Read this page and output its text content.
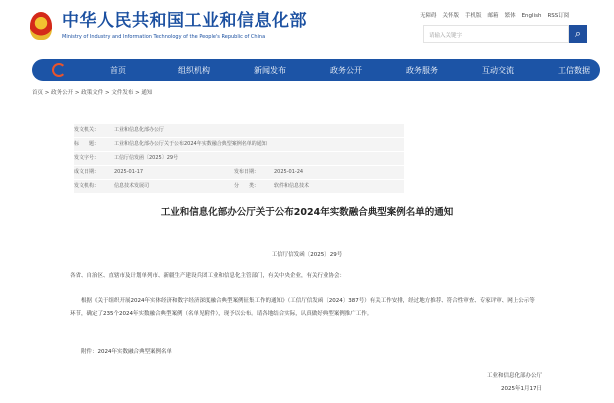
中华人民共和国工业和信息化部
Ministry of Industry and Information Technology of the People's Republic of China
无障碍 关怀版 手机版 邮箱 繁体 English RSS订阅
请输入关键字	⌕
首页	组织机构	新闻发布	政务公开	政务服务	互动交流	工信数据
首页 > 政务公开 > 政策文件 > 文件发布 > 通知
发文机关：	工业和信息化部办公厅
标　　题：	工业和信息化部办公厅关于公布2024年实数融合典型案例名单的通知
发文字号：	工信厅信发函〔2025〕29号
成文日期：	2025-01-17	发布日期：	2025-01-24
发文机构：	信息技术发展司	分　　类：	软件和信息技术
工业和信息化部办公厅关于公布2024年实数融合典型案例名单的通知
工信厅信发函〔2025〕29号
各省、自治区、直辖市及计划单列市、新疆生产建设兵团工业和信息化主管部门，有关中央企业，有关行业协会：
根据《关于组织开展2024年实体经济和数字经济深度融合典型案例征集工作的通知》（工信厅信发函〔2024〕387号）有关工作安排，经过地方推荐、符合性审查、专家评审、网上公示等环节，确定了235个2024年实数融合典型案例（名单见附件），现予以公布。请各地结合实际，认真做好典型案例推广工作。
附件：2024年实数融合典型案例名单
工业和信息化部办公厅
2025年1月17日
